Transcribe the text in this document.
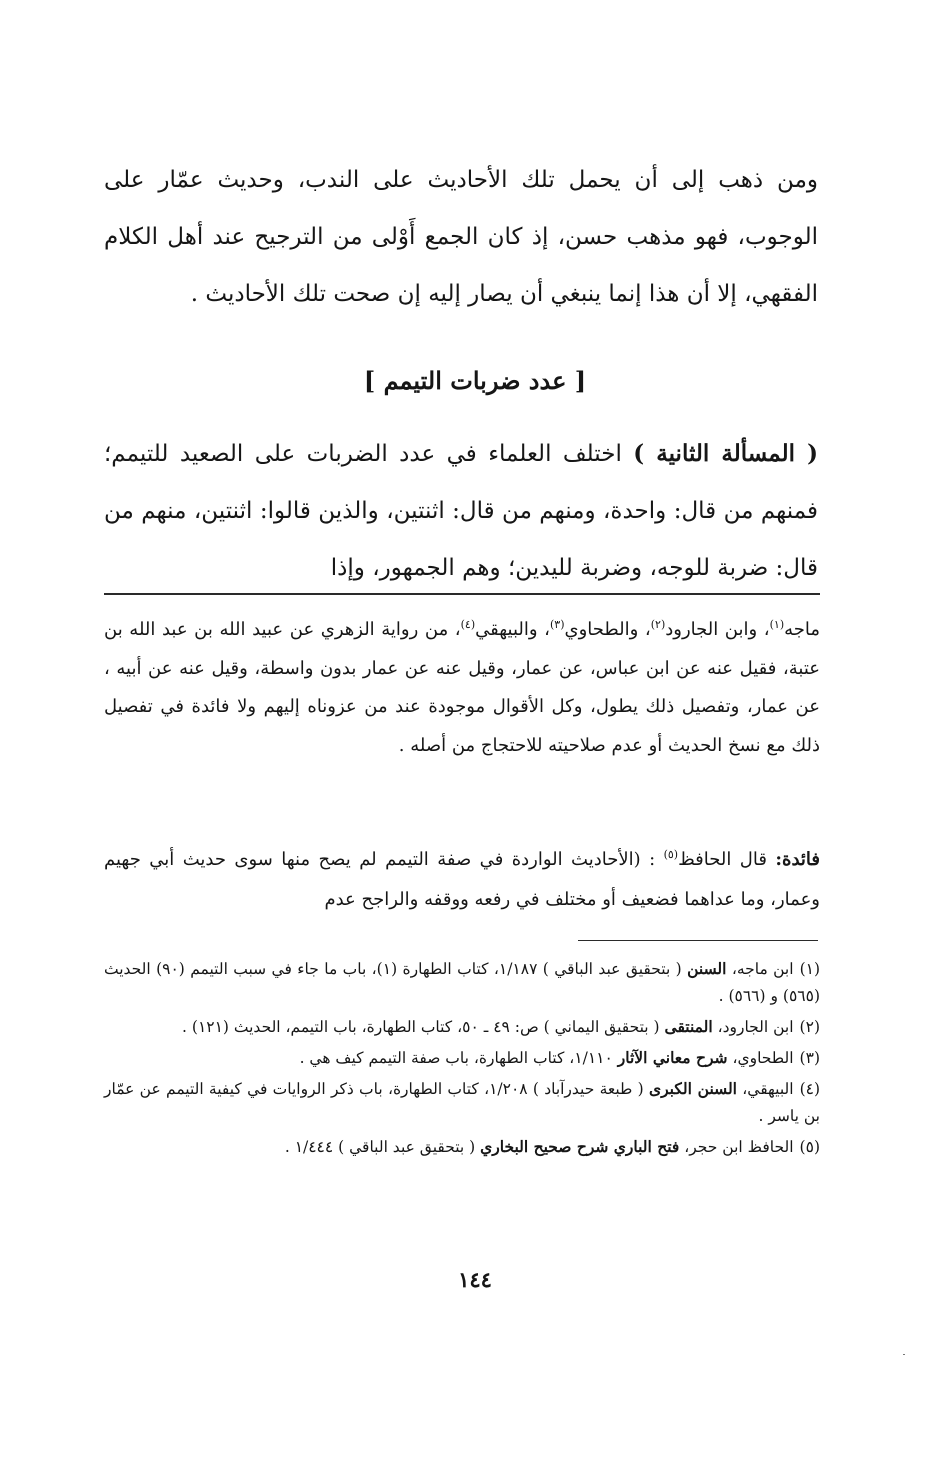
ومن ذهب إلى أن يحمل تلك الأحاديث على الندب، وحديث عمّار على الوجوب، فهو مذهب حسن، إذ كان الجمع أَوْلى من الترجيح عند أهل الكلام الفقهي، إلا أن هذا إنما ينبغي أن يصار إليه إن صحت تلك الأحاديث .

[ عدد ضربات التيمم ]

( المسألة الثانية ) اختلف العلماء في عدد الضربات على الصعيد للتيمم؛ فمنهم من قال: واحدة، ومنهم من قال: اثنتين، والذين قالوا: اثنتين، منهم من قال: ضربة للوجه، وضربة لليدين؛ وهم الجمهور، وإذا

ماجه$^{(١)}$، وابن الجارود$^{(٢)}$، والطحاوي$^{(٣)}$، والبيهقي$^{(٤)}$، من رواية الزهري عن عبيد الله بن عبد الله بن عتبة، فقيل عنه عن ابن عباس، عن عمار، وقيل عنه عن عمار بدون واسطة، وقيل عنه عن أبيه ، عن عمار، وتفصيل ذلك يطول، وكل الأقوال موجودة عند من عزوناه إليهم ولا فائدة في تفصيل ذلك مع نسخ الحديث أو عدم صلاحيته للاحتجاج من أصله .

فائدة: قال الحافظ$^{(٥)}$ : (الأحاديث الواردة في صفة التيمم لم يصح منها سوى حديث أبي جهيم وعمار، وما عداهما فضعيف أو مختلف في رفعه ووقفه والراجح عدم

(١)ابن ماجه، السنن ( بتحقيق عبد الباقي ) ١/١٨٧، كتاب الطهارة (١)، باب ما جاء في سبب التيمم (٩٠) الحديث (٥٦٥) و (٥٦٦) .

(٢)ابن الجارود، المنتقى ( بتحقيق اليماني ) ص: ٤٩ ـ ٥٠، كتاب الطهارة، باب التيمم، الحديث (١٢١) .

(٣)الطحاوي، شرح معاني الآثار ١/١١٠، كتاب الطهارة، باب صفة التيمم كيف هي .

(٤)البيهقي، السنن الكبرى ( طبعة حيدرآباد ) ١/٢٠٨، كتاب الطهارة، باب ذكر الروايات في كيفية التيمم عن عمّار بن ياسر .

(٥)الحافظ ابن حجر، فتح الباري شرح صحيح البخاري ( بتحقيق عبد الباقي ) ١/٤٤٤ .

١٤٤
